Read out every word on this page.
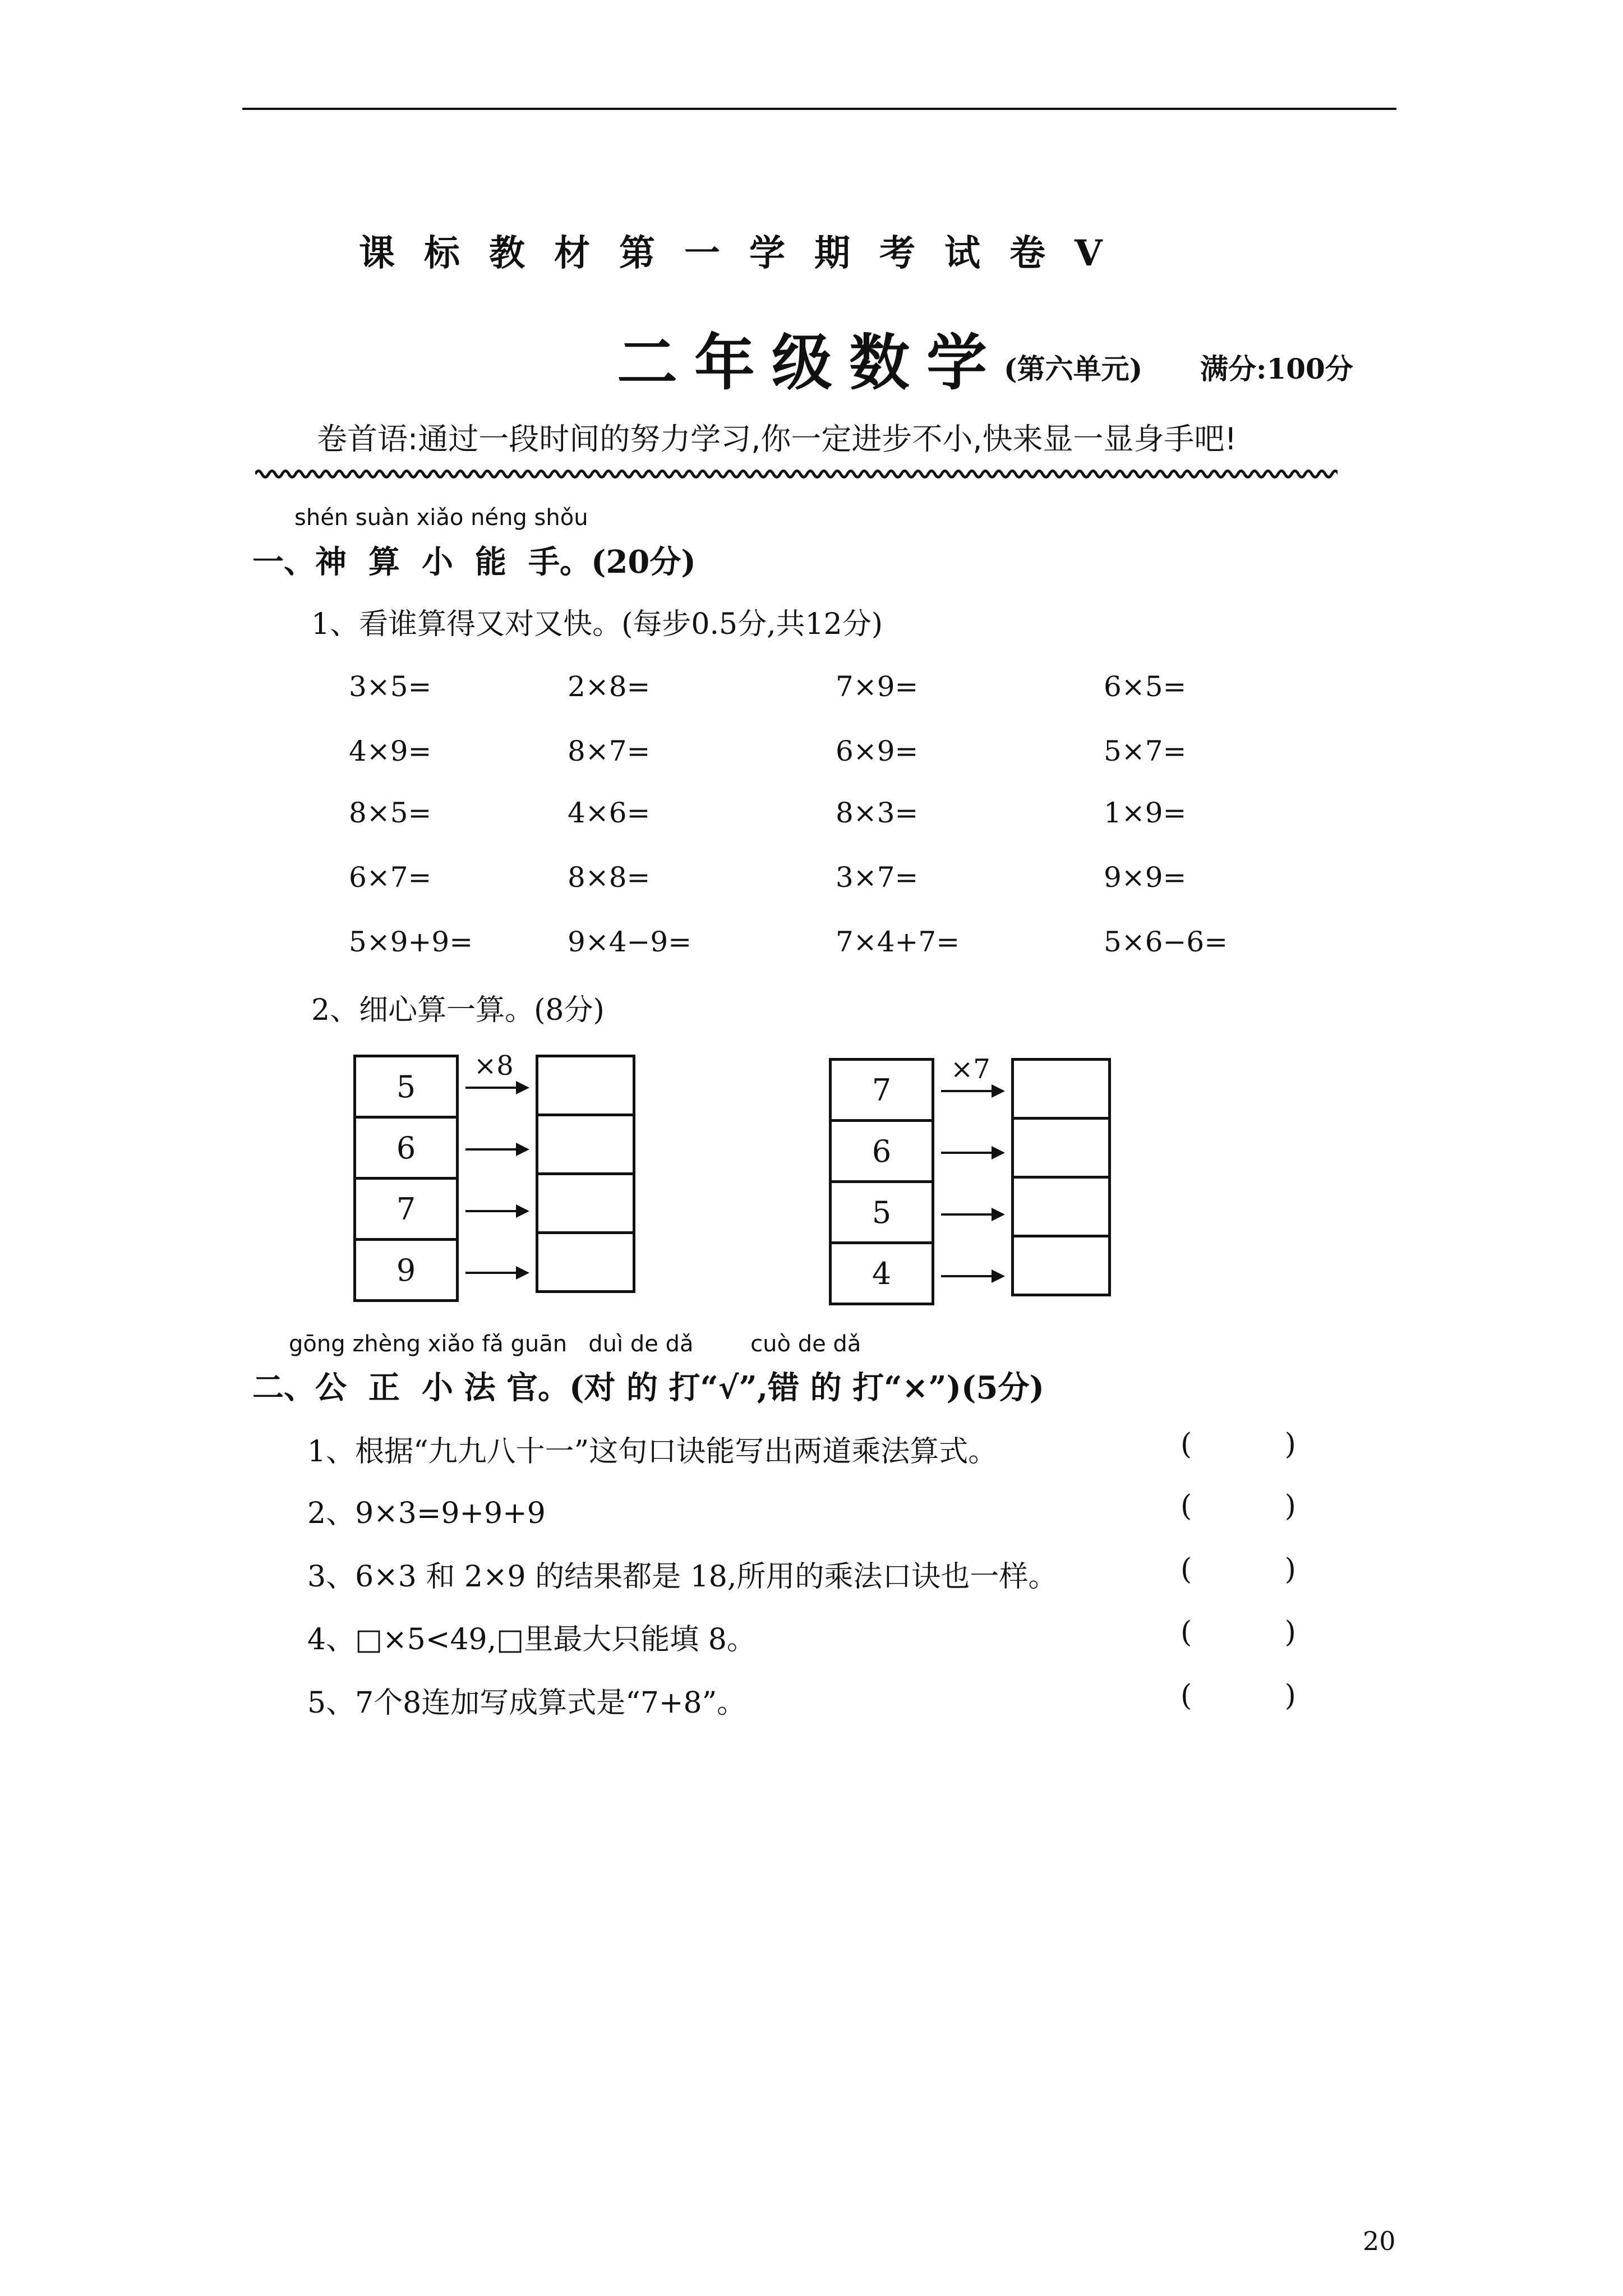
课标教材第一学期考试卷Ⅴ
二年级数学 (第六单元) 满分:100分
卷首语:通过一段时间的努力学习,你一定进步不小,快来显一显身手吧!
shén suàn xiǎo néng shǒu
一、神  算  小  能  手。(20分)
1、看谁算得又对又快。(每步0.5分,共12分)
3×5=	2×8=	7×9=	6×5=
4×9=	8×7=	6×9=	5×7=
8×5=	4×6=	8×3=	1×9=
6×7=	8×8=	3×7=	9×9=
5×9+9=	9×4−9=	7×4+7=	5×6−6=
2、细心算一算。(8分)
5
6
7
9
×8
7
6
5
4
×7
gōng zhèng xiǎo fǎ guān   duì de dǎ        cuò de dǎ
二、公  正  小 法 官。(对 的 打“√”,错 的 打“×”)(5分)
1、根据“九九八十一”这句口诀能写出两道乘法算式。	(          )
2、9×3=9+9+9	(          )
3、6×3 和 2×9 的结果都是 18,所用的乘法口诀也一样。	(          )
4、□×5<49,□里最大只能填 8。	(          )
5、7个8连加写成算式是“7+8”。	(          )
20
